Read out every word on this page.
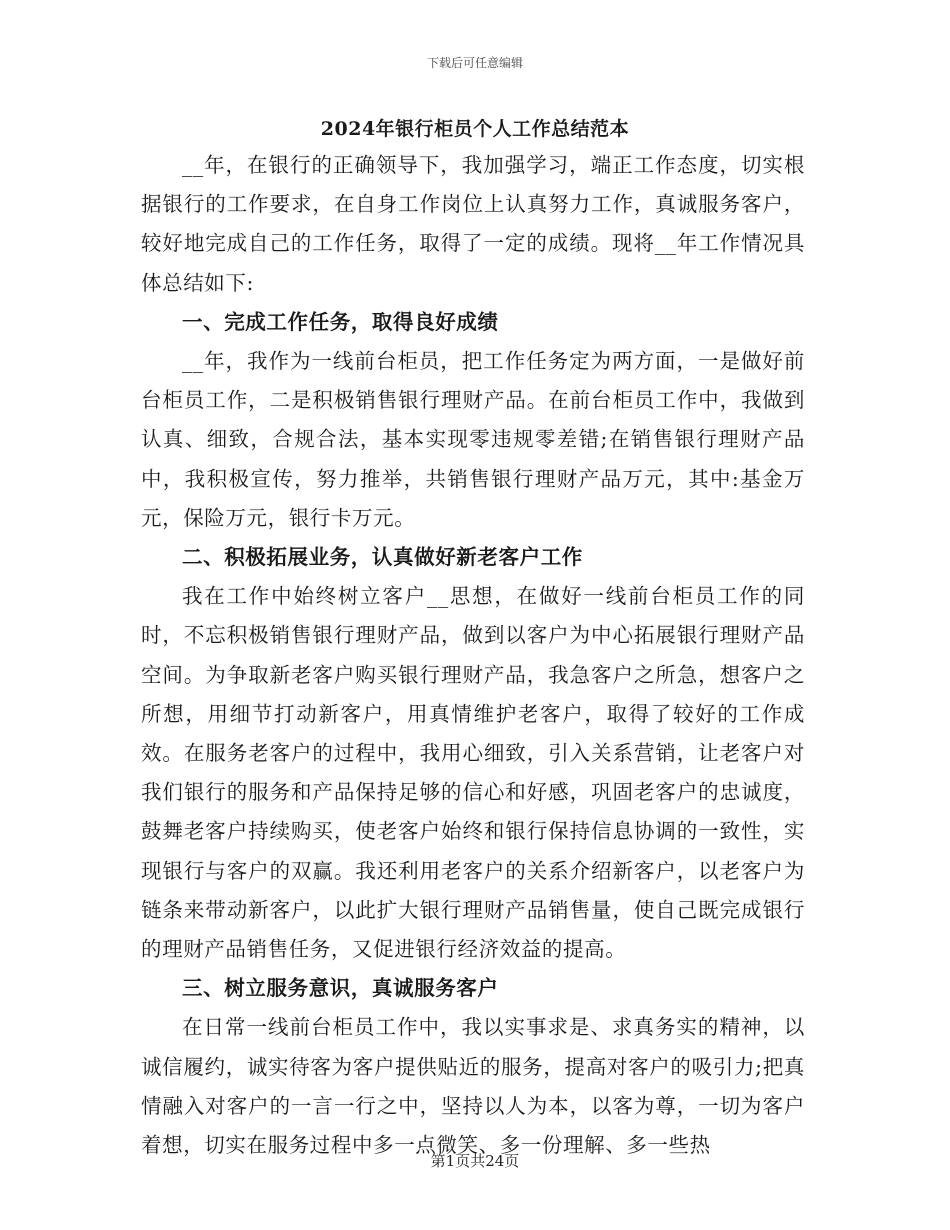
下载后可任意编辑
2024年银行柜员个人工作总结范本

__年，在银行的正确领导下，我加强学习，端正工作态度，切实根据银行的工作要求，在自身工作岗位上认真努力工作，真诚服务客户，较好地完成自己的工作任务，取得了一定的成绩。现将__年工作情况具体总结如下:

一、完成工作任务，取得良好成绩

__年，我作为一线前台柜员，把工作任务定为两方面，一是做好前台柜员工作，二是积极销售银行理财产品。在前台柜员工作中，我做到认真、细致，合规合法，基本实现零违规零差错;在销售银行理财产品中，我积极宣传，努力推举，共销售银行理财产品万元，其中:基金万元，保险万元，银行卡万元。

二、积极拓展业务，认真做好新老客户工作

我在工作中始终树立客户__思想，在做好一线前台柜员工作的同时，不忘积极销售银行理财产品，做到以客户为中心拓展银行理财产品空间。为争取新老客户购买银行理财产品，我急客户之所急，想客户之所想，用细节打动新客户，用真情维护老客户，取得了较好的工作成效。在服务老客户的过程中，我用心细致，引入关系营销，让老客户对我们银行的服务和产品保持足够的信心和好感，巩固老客户的忠诚度，鼓舞老客户持续购买，使老客户始终和银行保持信息协调的一致性，实现银行与客户的双赢。我还利用老客户的关系介绍新客户，以老客户为链条来带动新客户，以此扩大银行理财产品销售量，使自己既完成银行的理财产品销售任务，又促进银行经济效益的提高。

三、树立服务意识，真诚服务客户

在日常一线前台柜员工作中，我以实事求是、求真务实的精神，以诚信履约，诚实待客为客户提供贴近的服务，提高对客户的吸引力;把真情融入对客户的一言一行之中，坚持以人为本，以客为尊，一切为客户着想，切实在服务过程中多一点微笑、多一份理解、多一些热

第1页共24页
